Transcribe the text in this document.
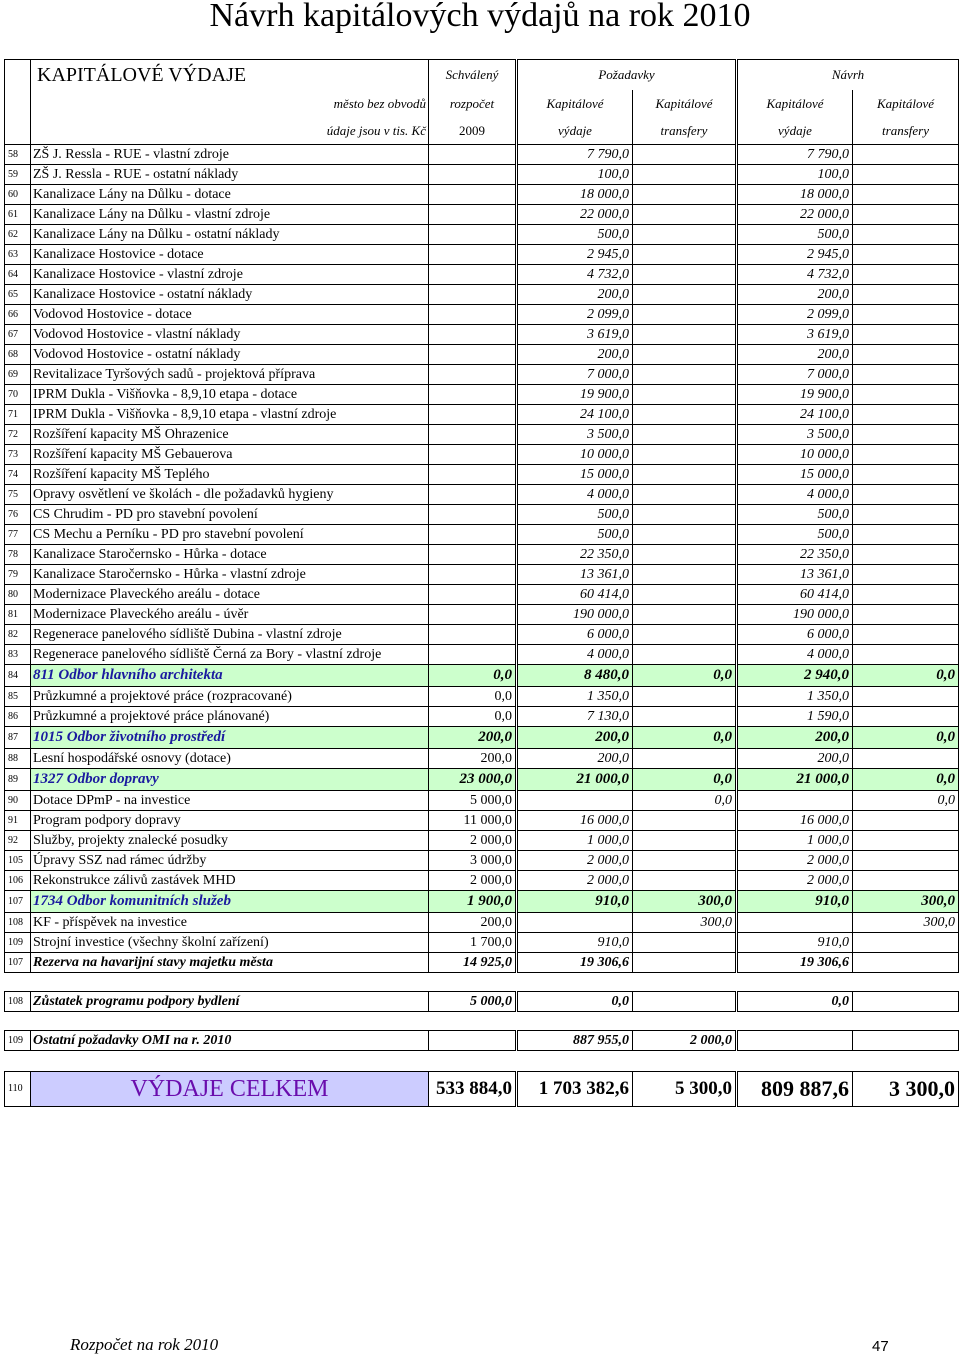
Návrh kapitálových výdajů na rok 2010
	KAPITÁLOVÉ VÝDAJE	Schválený	Požadavky		Návrh	
	město bez obvodů	rozpočet	Kapitálové	Kapitálové	Kapitálové	Kapitálové
	údaje jsou v tis. Kč	2009	výdaje	transfery	výdaje	transfery
58	ZŠ J. Ressla - RUE - vlastní zdroje		7 790,0		7 790,0	
59	ZŠ J. Ressla - RUE - ostatní náklady		100,0		100,0	
60	Kanalizace Lány na Důlku - dotace		18 000,0		18 000,0	
61	Kanalizace Lány na Důlku - vlastní zdroje		22 000,0		22 000,0	
62	Kanalizace Lány na Důlku - ostatní náklady		500,0		500,0	
63	Kanalizace Hostovice - dotace		2 945,0		2 945,0	
64	Kanalizace Hostovice - vlastní zdroje		4 732,0		4 732,0	
65	Kanalizace Hostovice - ostatní náklady		200,0		200,0	
66	Vodovod Hostovice - dotace		2 099,0		2 099,0	
67	Vodovod Hostovice - vlastní náklady		3 619,0		3 619,0	
68	Vodovod Hostovice - ostatní náklady		200,0		200,0	
69	Revitalizace Tyršových sadů - projektová příprava		7 000,0		7 000,0	
70	IPRM Dukla - Višňovka - 8,9,10 etapa - dotace		19 900,0		19 900,0	
71	IPRM Dukla - Višňovka - 8,9,10 etapa - vlastní zdroje		24 100,0		24 100,0	
72	Rozšíření kapacity MŠ Ohrazenice		3 500,0		3 500,0	
73	Rozšíření kapacity MŠ Gebauerova		10 000,0		10 000,0	
74	Rozšíření kapacity MŠ Teplého		15 000,0		15 000,0	
75	Opravy osvětlení ve školách - dle požadavků hygieny		4 000,0		4 000,0	
76	CS Chrudim - PD pro stavební povolení		500,0		500,0	
77	CS Mechu a Perníku - PD pro stavební povolení		500,0		500,0	
78	Kanalizace Staročernsko - Hůrka - dotace		22 350,0		22 350,0	
79	Kanalizace Staročernsko - Hůrka - vlastní zdroje		13 361,0		13 361,0	
80	Modernizace Plaveckého areálu - dotace		60 414,0		60 414,0	
81	Modernizace Plaveckého areálu - úvěr		190 000,0		190 000,0	
82	Regenerace panelového sídliště Dubina - vlastní zdroje		6 000,0		6 000,0	
83	Regenerace panelového sídliště Černá za Bory - vlastní zdroje		4 000,0		4 000,0	
84	811 Odbor hlavního architekta	0,0	8 480,0	0,0	2 940,0	0,0
85	Průzkumné a projektové práce (rozpracované)	0,0	1 350,0		1 350,0	
86	Průzkumné a projektové práce plánované)	0,0	7 130,0		1 590,0	
87	1015 Odbor životního prostředí	200,0	200,0	0,0	200,0	0,0
88	Lesní hospodářské osnovy (dotace)	200,0	200,0		200,0	
89	1327 Odbor dopravy	23 000,0	21 000,0	0,0	21 000,0	0,0
90	Dotace DPmP - na investice	5 000,0		0,0		0,0
91	Program podpory dopravy	11 000,0	16 000,0		16 000,0	
92	Služby, projekty znalecké posudky	2 000,0	1 000,0		1 000,0	
105	Úpravy SSZ nad rámec údržby	3 000,0	2 000,0		2 000,0	
106	Rekonstrukce zálivů zastávek MHD	2 000,0	2 000,0		2 000,0	
107	1734 Odbor komunitních služeb	1 900,0	910,0	300,0	910,0	300,0
108	KF - příspěvek na investice	200,0		300,0		300,0
109	Strojní investice (všechny školní zařízení)	1 700,0	910,0		910,0	
107	Rezerva na havarijní stavy majetku města	14 925,0	19 306,6		19 306,6	

108	Zůstatek programu podpory bydlení	5 000,0	0,0		0,0	

109	Ostatní požadavky OMI na r. 2010		887 955,0	2 000,0		

110	VÝDAJE CELKEM	533 884,0	1 703 382,6	5 300,0	809 887,6	3 300,0
Rozpočet na rok 2010	47
